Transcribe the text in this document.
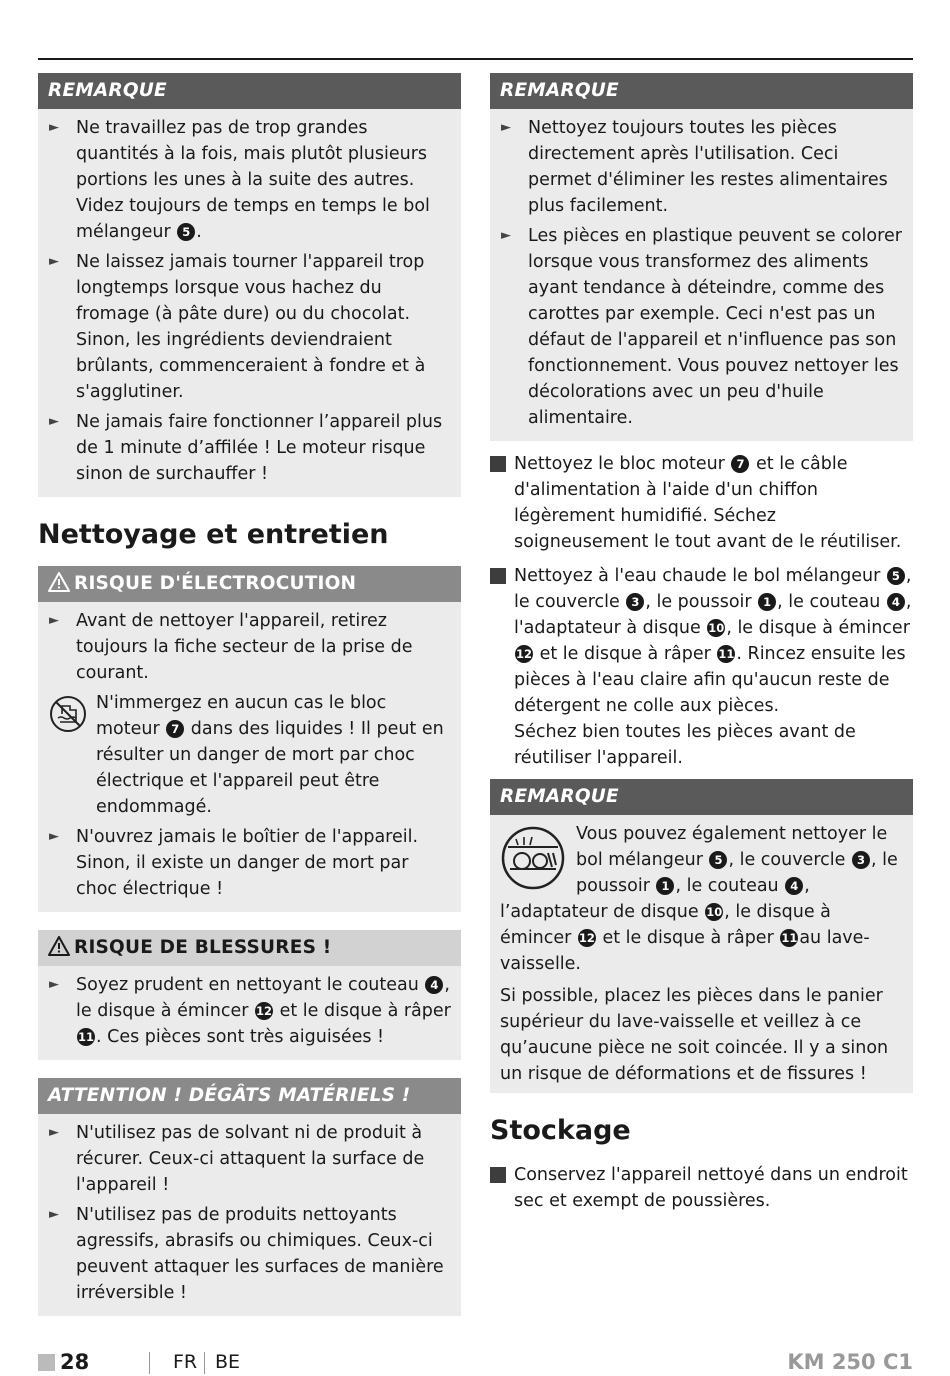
REMARQUE
► Ne travaillez pas de trop grandes quantités à la fois, mais plutôt plusieurs portions les unes à la suite des autres. Videz toujours de temps en temps le bol mélangeur 5 .
► Ne laissez jamais tourner l'appareil trop longtemps lorsque vous hachez du fromage (à pâte dure) ou du chocolat. Sinon, les ingrédients deviendraient brûlants, commenceraient à fondre et à s'agglutiner.
► Ne jamais faire fonctionner l’appareil plus de 1 minute d’affilée ! Le moteur risque sinon de surchauffer !
Nettoyage et entretien
RISQUE D'ÉLECTROCUTION
► Avant de nettoyer l'appareil, retirez toujours la fiche secteur de la prise de courant.
N'immergez en aucun cas le bloc moteur 7 dans des liquides ! Il peut en résulter un danger de mort par choc électrique et l'appareil peut être endommagé.
► N'ouvrez jamais le boîtier de l'appareil. Sinon, il existe un danger de mort par choc électrique !
RISQUE DE BLESSURES !
► Soyez prudent en nettoyant le couteau 4 , le disque à émincer 12 et le disque à râper 11 . Ces pièces sont très aiguisées !
ATTENTION ! DÉGÂTS MATÉRIELS !
► N'utilisez pas de solvant ni de produit à récurer. Ceux-ci attaquent la surface de l'appareil !
► N'utilisez pas de produits nettoyants agressifs, abrasifs ou chimiques. Ceux-ci peuvent attaquer les surfaces de manière irréversible !
REMARQUE
► Nettoyez toujours toutes les pièces directement après l'utilisation. Ceci permet d'éliminer les restes alimentaires plus facilement.
► Les pièces en plastique peuvent se colorer lorsque vous transformez des aliments ayant tendance à déteindre, comme des carottes par exemple. Ceci n'est pas un défaut de l'appareil et n'influence pas son fonctionnement. Vous pouvez nettoyer les décolorations avec un peu d'huile alimentaire.
Nettoyez le bloc moteur 7 et le câble d'alimentation à l'aide d'un chiffon légèrement humidifié. Séchez soigneusement le tout avant de le réutiliser.
Nettoyez à l'eau chaude le bol mélangeur 5 , le couvercle 3 , le poussoir 1 , le couteau 4 , l'adaptateur à disque 10 , le disque à émincer 12 et le disque à râper 11 . Rincez ensuite les pièces à l'eau claire afin qu'aucun reste de détergent ne colle aux pièces.
Séchez bien toutes les pièces avant de réutiliser l'appareil.
REMARQUE
Vous pouvez également nettoyer le bol mélangeur 5 , le couvercle 3 , le poussoir 1 , le couteau 4 , l’adaptateur de disque 10 , le disque à émincer 12 et le disque à râper 11 au lave-vaisselle.
Si possible, placez les pièces dans le panier supérieur du lave-vaisselle et veillez à ce qu’aucune pièce ne soit coincée. Il y a sinon un risque de déformations et de fissures !
Stockage
Conservez l'appareil nettoyé dans un endroit sec et exempt de poussières.
28	FR BE	KM 250 C1
